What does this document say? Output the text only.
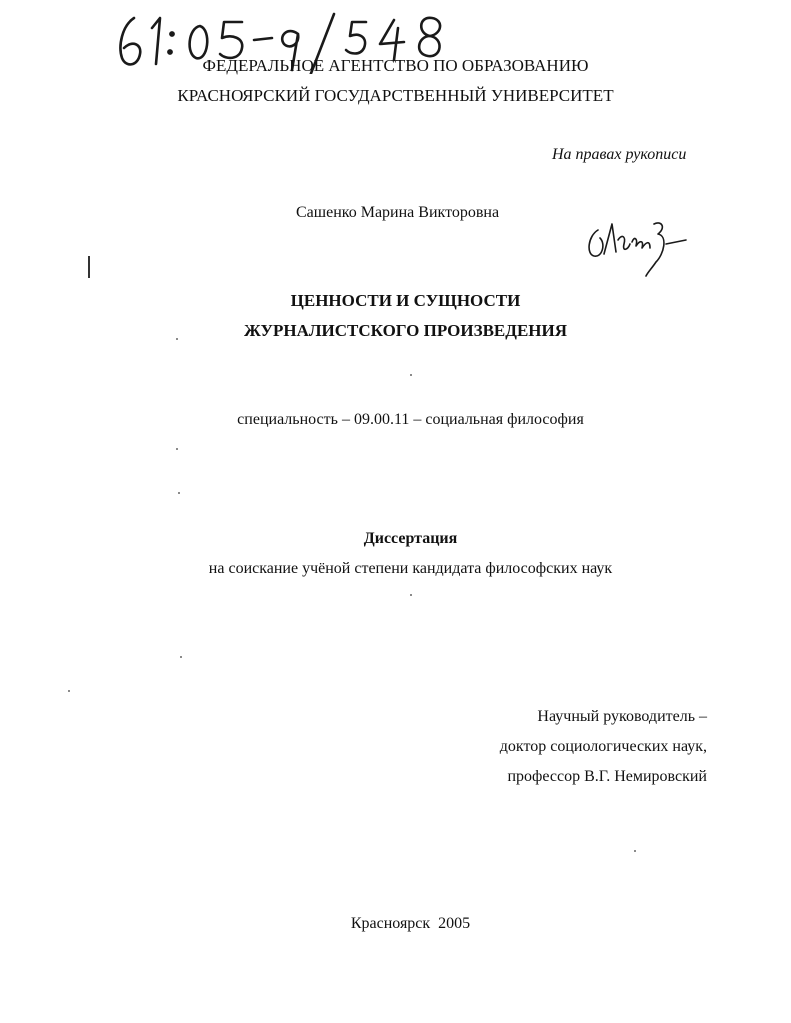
ФЕДЕРАЛЬНОЕ АГЕНТСТВО ПО ОБРАЗОВАНИЮ
КРАСНОЯРСКИЙ ГОСУДАРСТВЕННЫЙ УНИВЕРСИТЕТ
На правах рукописи
Сашенко Марина Викторовна
ЦЕННОСТИ И СУЩНОСТИ
ЖУРНАЛИСТСКОГО ПРОИЗВЕДЕНИЯ
специальность – 09.00.11 – социальная философия
Диссертация
на соискание учёной степени кандидата философских наук
Научный руководитель –
доктор социологических наук,
профессор В.Г. Немировский
Красноярск  2005
